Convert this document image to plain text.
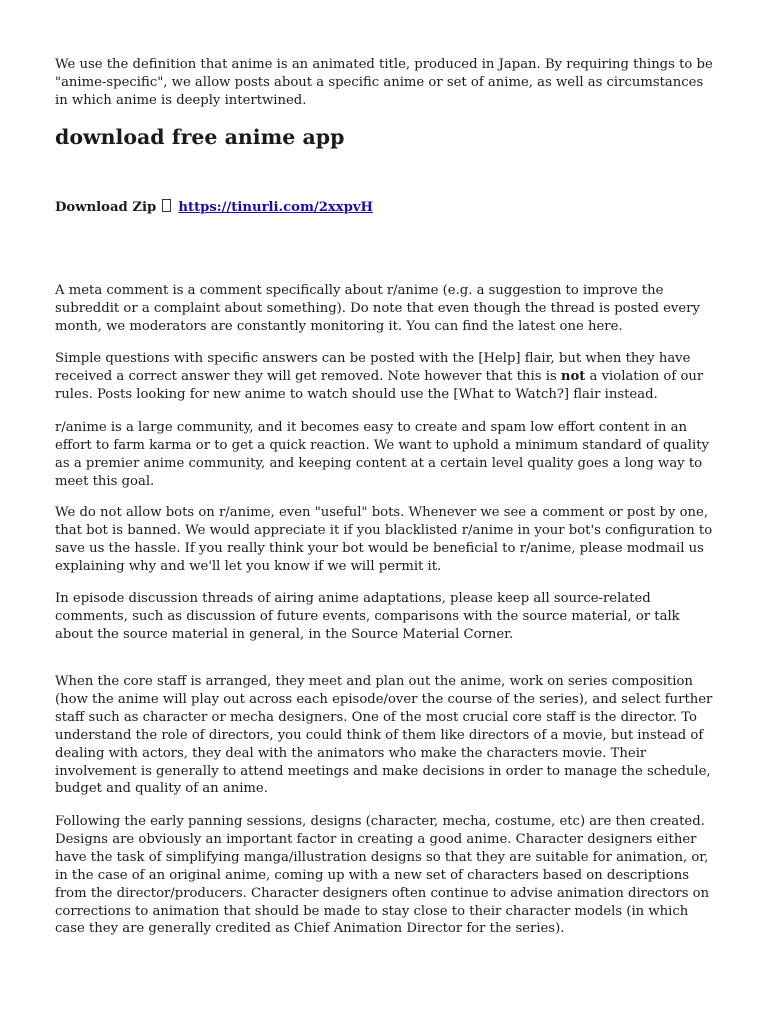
We use the definition that anime is an animated title, produced in Japan. By requiring things to be "anime-specific", we allow posts about a specific anime or set of anime, as well as circumstances in which anime is deeply intertwined.

download free anime app
Download Zip https://tinurli.com/2xxpvH

A meta comment is a comment specifically about r/anime (e.g. a suggestion to improve the subreddit or a complaint about something). Do note that even though the thread is posted every month, we moderators are constantly monitoring it. You can find the latest one here.

Simple questions with specific answers can be posted with the [Help] flair, but when they have received a correct answer they will get removed. Note however that this is not a violation of our rules. Posts looking for new anime to watch should use the [What to Watch?] flair instead.

r/anime is a large community, and it becomes easy to create and spam low effort content in an effort to farm karma or to get a quick reaction. We want to uphold a minimum standard of quality as a premier anime community, and keeping content at a certain level quality goes a long way to meet this goal.

We do not allow bots on r/anime, even "useful" bots. Whenever we see a comment or post by one, that bot is banned. We would appreciate it if you blacklisted r/anime in your bot's configuration to save us the hassle. If you really think your bot would be beneficial to r/anime, please modmail us explaining why and we'll let you know if we will permit it.

In episode discussion threads of airing anime adaptations, please keep all source-related comments, such as discussion of future events, comparisons with the source material, or talk about the source material in general, in the Source Material Corner.

When the core staff is arranged, they meet and plan out the anime, work on series composition (how the anime will play out across each episode/over the course of the series), and select further staff such as character or mecha designers. One of the most crucial core staff is the director. To understand the role of directors, you could think of them like directors of a movie, but instead of dealing with actors, they deal with the animators who make the characters movie. Their involvement is generally to attend meetings and make decisions in order to manage the schedule, budget and quality of an anime.

Following the early panning sessions, designs (character, mecha, costume, etc) are then created. Designs are obviously an important factor in creating a good anime. Character designers either have the task of simplifying manga/illustration designs so that they are suitable for animation, or, in the case of an original anime, coming up with a new set of characters based on descriptions from the director/producers. Character designers often continue to advise animation directors on corrections to animation that should be made to stay close to their character models (in which case they are generally credited as Chief Animation Director for the series).
